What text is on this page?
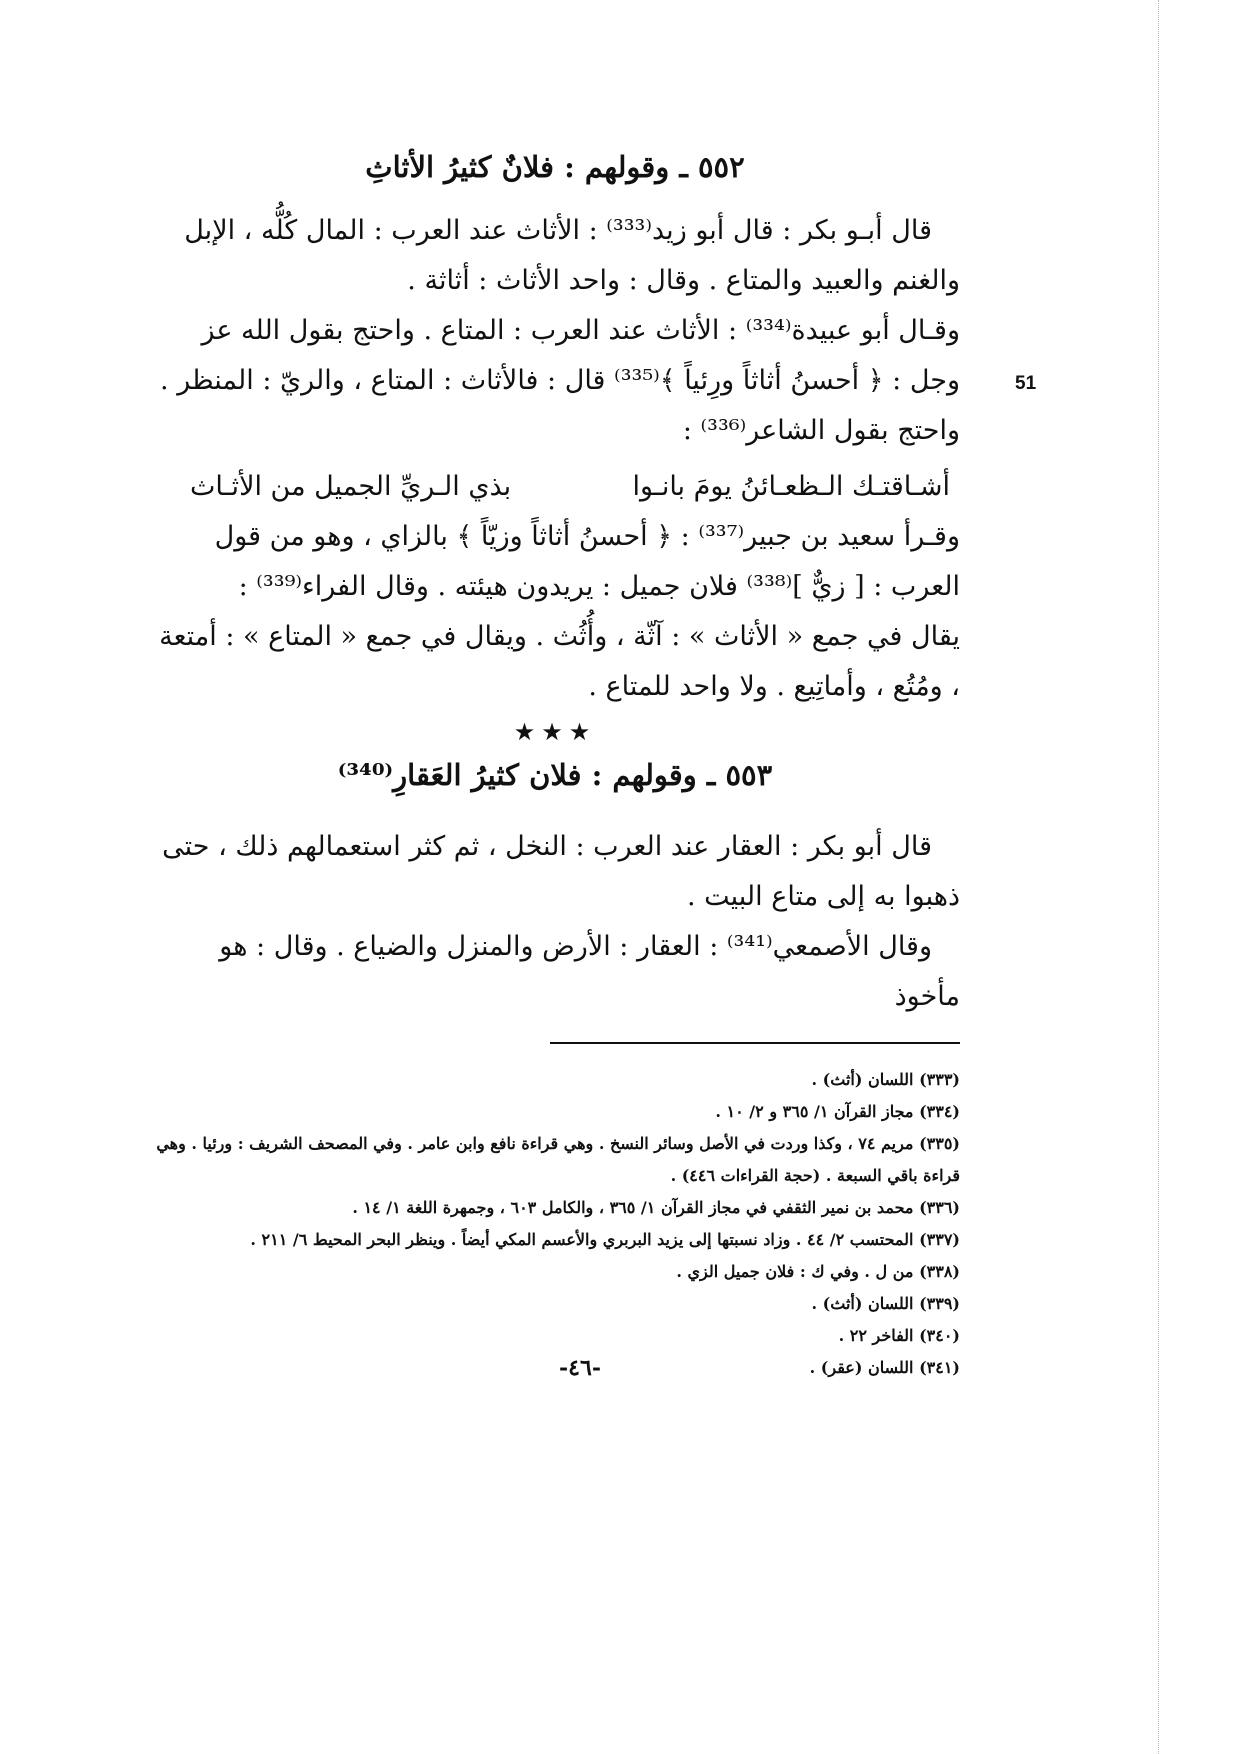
51
٥٥٢ ـ وقولهم : فلانٌ كثيرُ الأثاثِ

قال أبـو بكر : قال أبو زيد⁽³³³⁾ : الأثاث عند العرب : المال كُلُّه ، الإبل والغنم والعبيد والمتاع . وقال : واحد الأثاث : أثاثة .

وقـال أبو عبيدة⁽³³⁴⁾ : الأثاث عند العرب : المتاع . واحتج بقول الله عز وجل : ﴿ أحسنُ أثاثاً ورِئياً ﴾⁽³³⁵⁾ قال : فالأثاث : المتاع ، والريّ : المنظر . واحتج بقول الشاعر⁽³³⁶⁾ :

أشـاقتـك الـظعـائنُ يومَ بانـوا
بذي الـريِّ الجميل من الأثـاث

وقـرأ سعيد بن جبير⁽³³⁷⁾ : ﴿ أحسنُ أثاثاً وزيّاً ﴾ بالزاي ، وهو من قول العرب : [ زيٌّ ]⁽³³⁸⁾ فلان جميل : يريدون هيئته . وقال الفراء⁽³³⁹⁾ :

يقال في جمع « الأثاث » : آثّة ، وأُثُث . ويقال في جمع « المتاع » : أمتعة ، ومُتُع ، وأماتِيع . ولا واحد للمتاع .

★★★
٥٥٣ ـ وقولهم : فلان كثيرُ العَقارِ⁽³⁴⁰⁾

قال أبو بكر : العقار عند العرب : النخل ، ثم كثر استعمالهم ذلك ، حتى ذهبوا به إلى متاع البيت .

وقال الأصمعي⁽³⁴¹⁾ : العقار : الأرض والمنزل والضياع . وقال : هو مأخوذ

(٣٣٣) اللسان (أثث) .

(٣٣٤) مجاز القرآن ١/ ٣٦٥ و ٢/ ١٠ .

(٣٣٥) مريم ٧٤ ، وكذا وردت في الأصل وسائر النسخ . وهي قراءة نافع وابن عامر . وفي المصحف الشريف : ورئيا . وهي قراءة باقي السبعة . (حجة القراءات ٤٤٦) .

(٣٣٦) محمد بن نمير الثقفي في مجاز القرآن ١/ ٣٦٥ ، والكامل ٦٠٣ ، وجمهرة اللغة ١/ ١٤ .

(٣٣٧) المحتسب ٢/ ٤٤ . وزاد نسبتها إلى يزيد البربري والأعسم المكي أيضاً . وينظر البحر المحيط ٦/ ٢١١ .

(٣٣٨) من ل . وفي ك : فلان جميل الزي .

(٣٣٩) اللسان (أثث) .

(٣٤٠) الفاخر ٢٢ .

(٣٤١) اللسان (عقر) .

-٤٦-
